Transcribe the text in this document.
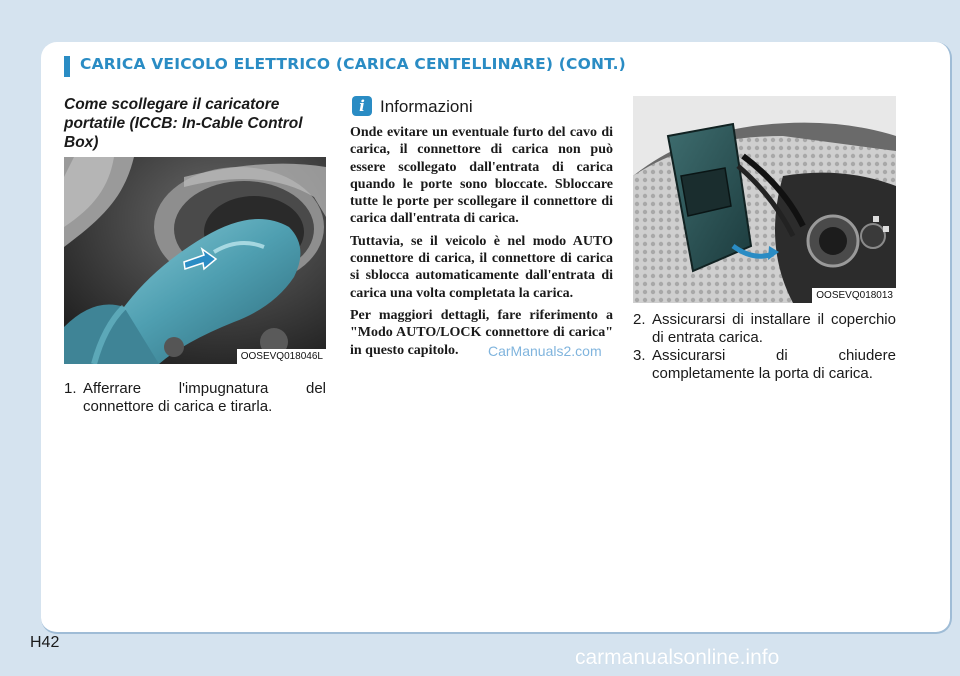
CARICA VEICOLO ELETTRICO (CARICA CENTELLINARE) (CONT.)
Come scollegare il caricatore portatile (ICCB: In-Cable Control Box)
OOSEVQ018046L
1. Afferrare l'impugnatura del connettore di carica e tirarla.
i Informazioni

Onde evitare un eventuale furto del cavo di carica, il connettore di carica non può essere scollegato dall'entrata di carica quando le porte sono bloccate. Sbloccare tutte le porte per scollegare il connettore di carica dall'entrata di carica.

Tuttavia, se il veicolo è nel modo AUTO connettore di carica, il connettore di carica si sblocca automaticamente dall'entrata di carica una volta completata la carica.

Per maggiori dettagli, fare riferimento a "Modo AUTO/LOCK connettore di carica" in questo capitolo.	CarManuals2.com
OOSEVQ018013
2. Assicurarsi di installare il coperchio di entrata carica.
3. Assicurarsi di chiudere completamente la porta di carica.
H42
carmanualsonline.info
